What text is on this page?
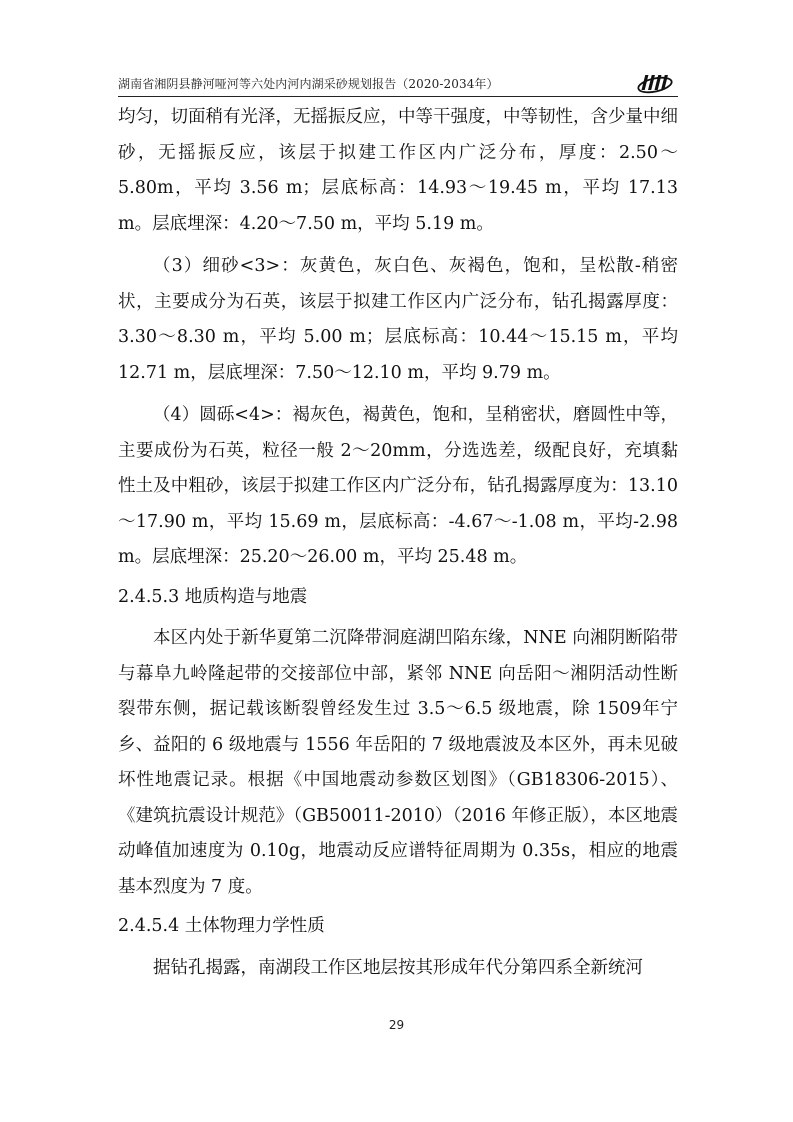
湖南省湘阴县静河哑河等六处内河内湖采砂规划报告（2020-2034年）

均匀，切面稍有光泽，无摇振反应，中等干强度，中等韧性，含少量中细砂，无摇振反应，该层于拟建工作区内广泛分布，厚度：2.50～5.80m，平均 3.56 m；层底标高：14.93～19.45 m，平均 17.13 m。层底埋深：4.20～7.50 m，平均 5.19 m。

（3）细砂<3>：灰黄色，灰白色、灰褐色，饱和，呈松散-稍密状，主要成分为石英，该层于拟建工作区内广泛分布，钻孔揭露厚度：3.30～8.30 m，平均 5.00 m；层底标高：10.44～15.15 m，平均 12.71 m，层底埋深：7.50～12.10 m，平均 9.79 m。

（4）圆砾<4>：褐灰色，褐黄色，饱和，呈稍密状，磨圆性中等，主要成份为石英，粒径一般 2～20mm，分选选差，级配良好，充填黏性土及中粗砂，该层于拟建工作区内广泛分布，钻孔揭露厚度为：13.10～17.90 m，平均 15.69 m，层底标高：-4.67～-1.08 m，平均-2.98 m。层底埋深：25.20～26.00 m，平均 25.48 m。

2.4.5.3 地质构造与地震

本区内处于新华夏第二沉降带洞庭湖凹陷东缘，NNE 向湘阴断陷带与幕阜九岭隆起带的交接部位中部，紧邻 NNE 向岳阳～湘阴活动性断裂带东侧，据记载该断裂曾经发生过 3.5～6.5 级地震，除 1509年宁乡、益阳的 6 级地震与 1556 年岳阳的 7 级地震波及本区外，再未见破坏性地震记录。根据《中国地震动参数区划图》（GB18306-2015）、《建筑抗震设计规范》（GB50011-2010）（2016 年修正版），本区地震动峰值加速度为 0.10g，地震动反应谱特征周期为 0.35s，相应的地震基本烈度为 7 度。

2.4.5.4 土体物理力学性质

据钻孔揭露，南湖段工作区地层按其形成年代分第四系全新统河

29
